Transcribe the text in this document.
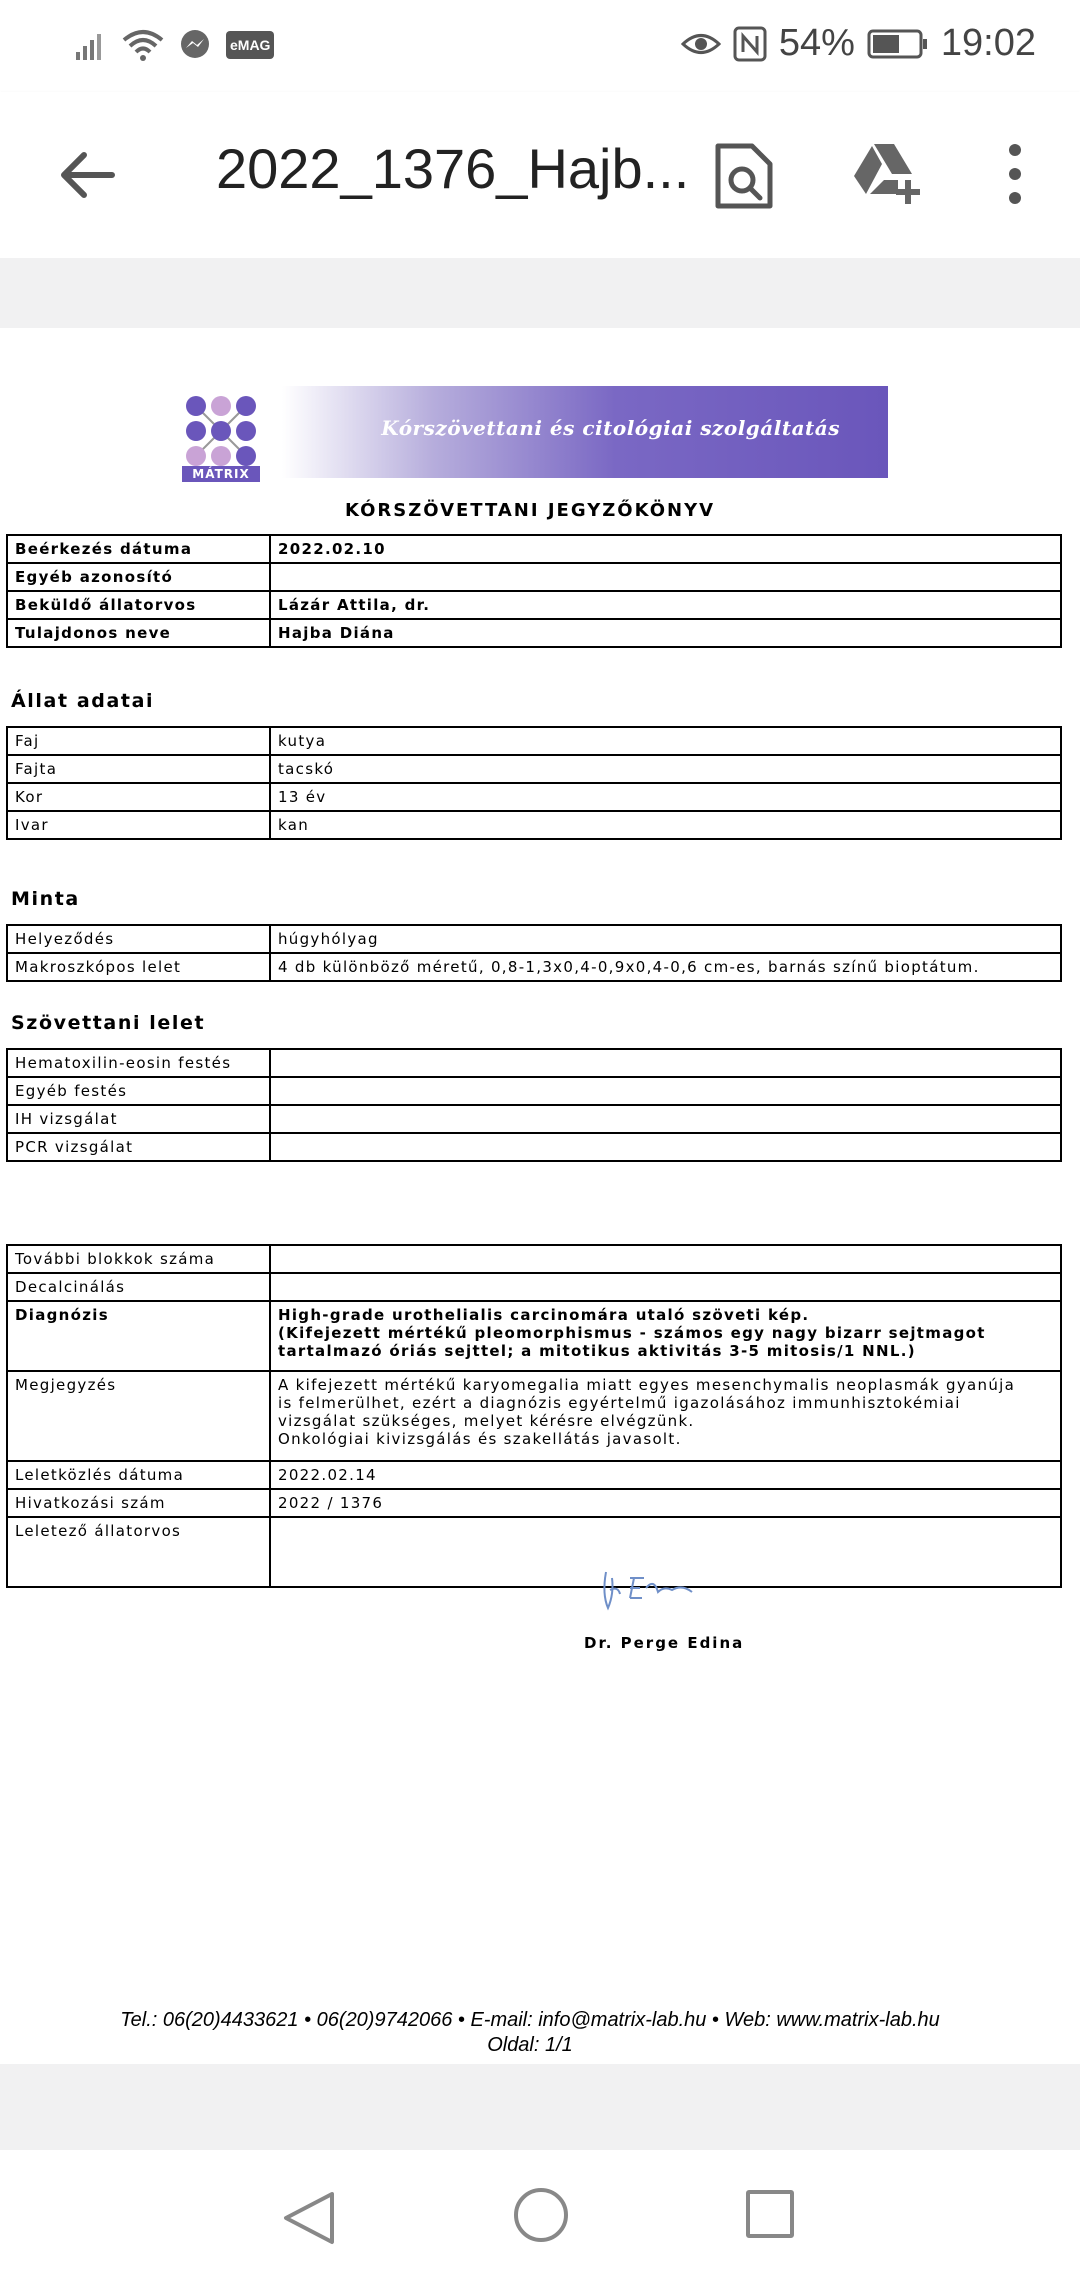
eMAG	54% 19:02
2022_1376_Hajb...
MÁTRIX
Kórszövettani és citológiai szolgáltatás
KÓRSZÖVETTANI JEGYZŐKÖNYV
Beérkezés dátuma	2022.02.10
Egyéb azonosító	
Beküldő állatorvos	Lázár Attila, dr.
Tulajdonos neve	Hajba Diána
Állat adatai
Faj	kutya
Fajta	tacskó
Kor	13 év
Ivar	kan
Minta
Helyeződés	húgyhólyag
Makroszkópos lelet	4 db különböző méretű, 0,8-1,3x0,4-0,9x0,4-0,6 cm-es, barnás színű bioptátum.
Szövettani lelet
Hematoxilin-eosin festés	
Egyéb festés	
IH vizsgálat	
PCR vizsgálat	
További blokkok száma	
Decalcinálás	
Diagnózis	High-grade urothelialis carcinomára utaló szöveti kép.
(Kifejezett mértékű pleomorphismus - számos egy nagy bizarr sejtmagot
tartalmazó óriás sejttel; a mitotikus aktivitás 3-5 mitosis/1 NNL.)

Megjegyzés	A kifejezett mértékű karyomegalia miatt egyes mesenchymalis neoplasmák gyanúja
is felmerülhet, ezért a diagnózis egyértelmű igazolásához immunhisztokémiai
vizsgálat szükséges, melyet kérésre elvégzünk.
Onkológiai kivizsgálás és szakellátás javasolt.

Leletközlés dátuma	2022.02.14
Hivatkozási szám	2022 / 1376
Leletező állatorvos	
Dr. Perge Edina
Tel.: 06(20)4433621 • 06(20)9742066 • E-mail: info@matrix-lab.hu • Web: www.matrix-lab.hu
Oldal: 1/1
